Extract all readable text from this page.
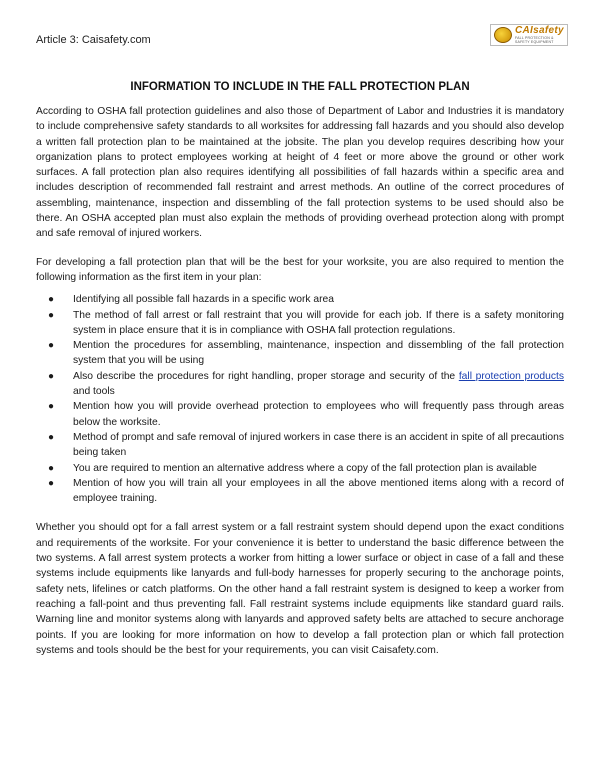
Article 3: Caisafety.com
CAIsafety
FALL PROTECTION & SAFETY EQUIPMENT
INFORMATION TO INCLUDE IN THE FALL PROTECTION PLAN

According to OSHA fall protection guidelines and also those of Department of Labor and Industries it is mandatory to include comprehensive safety standards to all worksites for addressing fall hazards and you should also develop a written fall protection plan to be maintained at the jobsite. The plan you develop requires describing how your organization plans to protect employees working at height of 4 feet or more above the ground or other work surfaces. A fall protection plan also requires identifying all possibilities of fall hazards within a specific area and includes description of recommended fall restraint and arrest methods. An outline of the correct procedures of assembling, maintenance, inspection and dissembling of the fall protection systems to be used should also be there. An OSHA accepted plan must also explain the methods of providing overhead protection along with prompt and safe removal of injured workers.

For developing a fall protection plan that will be the best for your worksite, you are also required to mention the following information as the first item in your plan:

● Identifying all possible fall hazards in a specific work area
● The method of fall arrest or fall restraint that you will provide for each job. If there is a safety monitoring system in place ensure that it is in compliance with OSHA fall protection regulations.
● Mention the procedures for assembling, maintenance, inspection and dissembling of the fall protection system that you will be using
● Also describe the procedures for right handling, proper storage and security of the fall protection products and tools
● Mention how you will provide overhead protection to employees who will frequently pass through areas below the worksite.
● Method of prompt and safe removal of injured workers in case there is an accident in spite of all precautions being taken
● You are required to mention an alternative address where a copy of the fall protection plan is available
● Mention of how you will train all your employees in all the above mentioned items along with a record of employee training.

Whether you should opt for a fall arrest system or a fall restraint system should depend upon the exact conditions and requirements of the worksite. For your convenience it is better to understand the basic difference between the two systems. A fall arrest system protects a worker from hitting a lower surface or object in case of a fall and these systems include equipments like lanyards and full-body harnesses for properly securing to the anchorage points, safety nets, lifelines or catch platforms. On the other hand a fall restraint system is designed to keep a worker from reaching a fall-point and thus preventing fall. Fall restraint systems include equipments like standard guard rails. Warning line and monitor systems along with lanyards and approved safety belts are attached to secure anchorage points. If you are looking for more information on how to develop a fall protection plan or which fall protection systems and tools should be the best for your requirements, you can visit Caisafety.com.
